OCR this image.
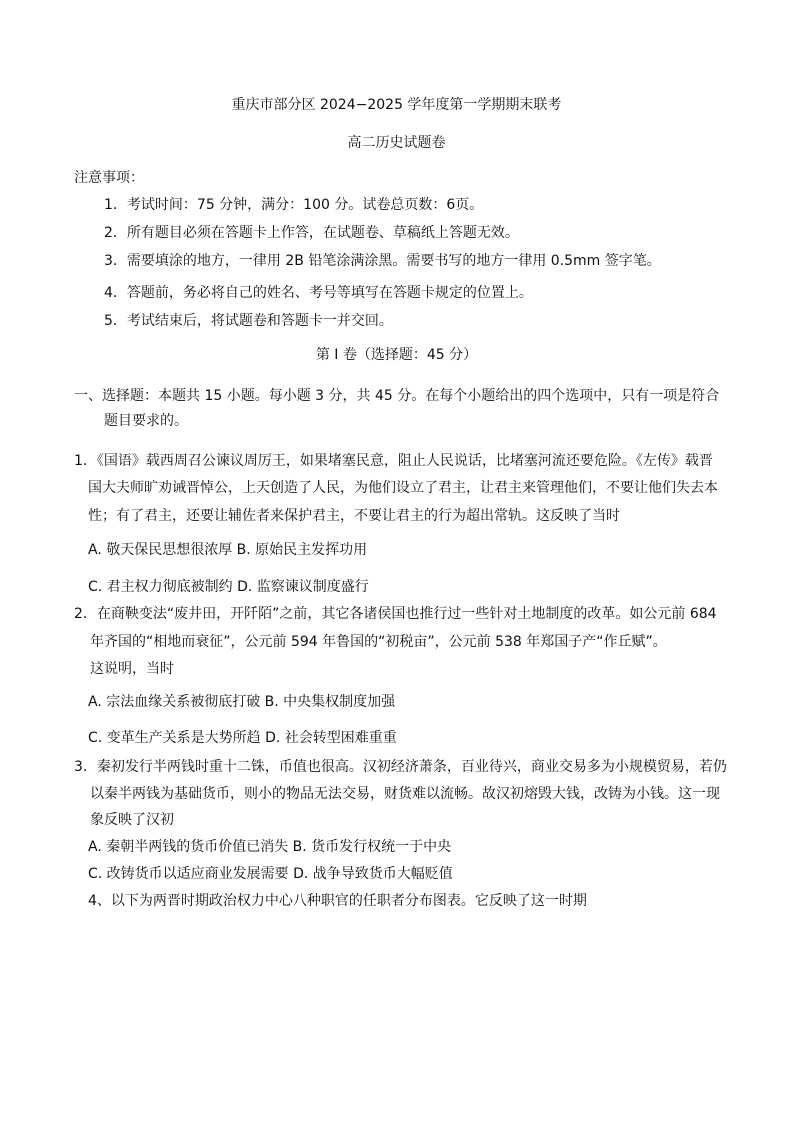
重庆市部分区 2024−2025 学年度第一学期期末联考
高二历史试题卷
注意事项：
1．考试时间：75 分钟，满分：100 分。试卷总页数：6页。
2．所有题目必须在答题卡上作答，在试题卷、草稿纸上答题无效。
3．需要填涂的地方，一律用 2B 铅笔涂满涂黑。需要书写的地方一律用 0.5mm 签字笔。
4．答题前，务必将自己的姓名、考号等填写在答题卡规定的位置上。
5．考试结束后，将试题卷和答题卡一并交回。
第 I 卷（选择题：45 分）
一、选择题：本题共 15 小题。每小题 3 分，共 45 分。在每个小题给出的四个选项中，只有一项是符合
题目要求的。
1．《国语》载西周召公谏议周厉王，如果堵塞民意，阻止人民说话，比堵塞河流还要危险。《左传》载晋
国大夫师旷劝诫晋悼公，上天创造了人民，为他们设立了君主，让君主来管理他们，不要让他们失去本
性；有了君主，还要让辅佐者来保护君主，不要让君主的行为超出常轨。这反映了当时
A. 敬天保民思想很浓厚 B. 原始民主发挥功用
C. 君主权力彻底被制约 D. 监察谏议制度盛行
2．在商鞅变法“废井田，开阡陌”之前，其它各诸侯国也推行过一些针对土地制度的改革。如公元前 684
年齐国的“相地而衰征”，公元前 594 年鲁国的“初税亩”，公元前 538 年郑国子产“作丘赋”。
这说明，当时
A. 宗法血缘关系被彻底打破 B. 中央集权制度加强
C. 变革生产关系是大势所趋 D. 社会转型困难重重
3．秦初发行半两钱时重十二铢，币值也很高。汉初经济萧条，百业待兴，商业交易多为小规模贸易，若仍
以秦半两钱为基础货币，则小的物品无法交易，财货难以流畅。故汉初熔毁大钱，改铸为小钱。这一现
象反映了汉初
A. 秦朝半两钱的货币价值已消失 B. 货币发行权统一于中央
C. 改铸货币以适应商业发展需要 D. 战争导致货币大幅贬值
4、以下为两晋时期政治权力中心八种职官的任职者分布图表。它反映了这一时期
